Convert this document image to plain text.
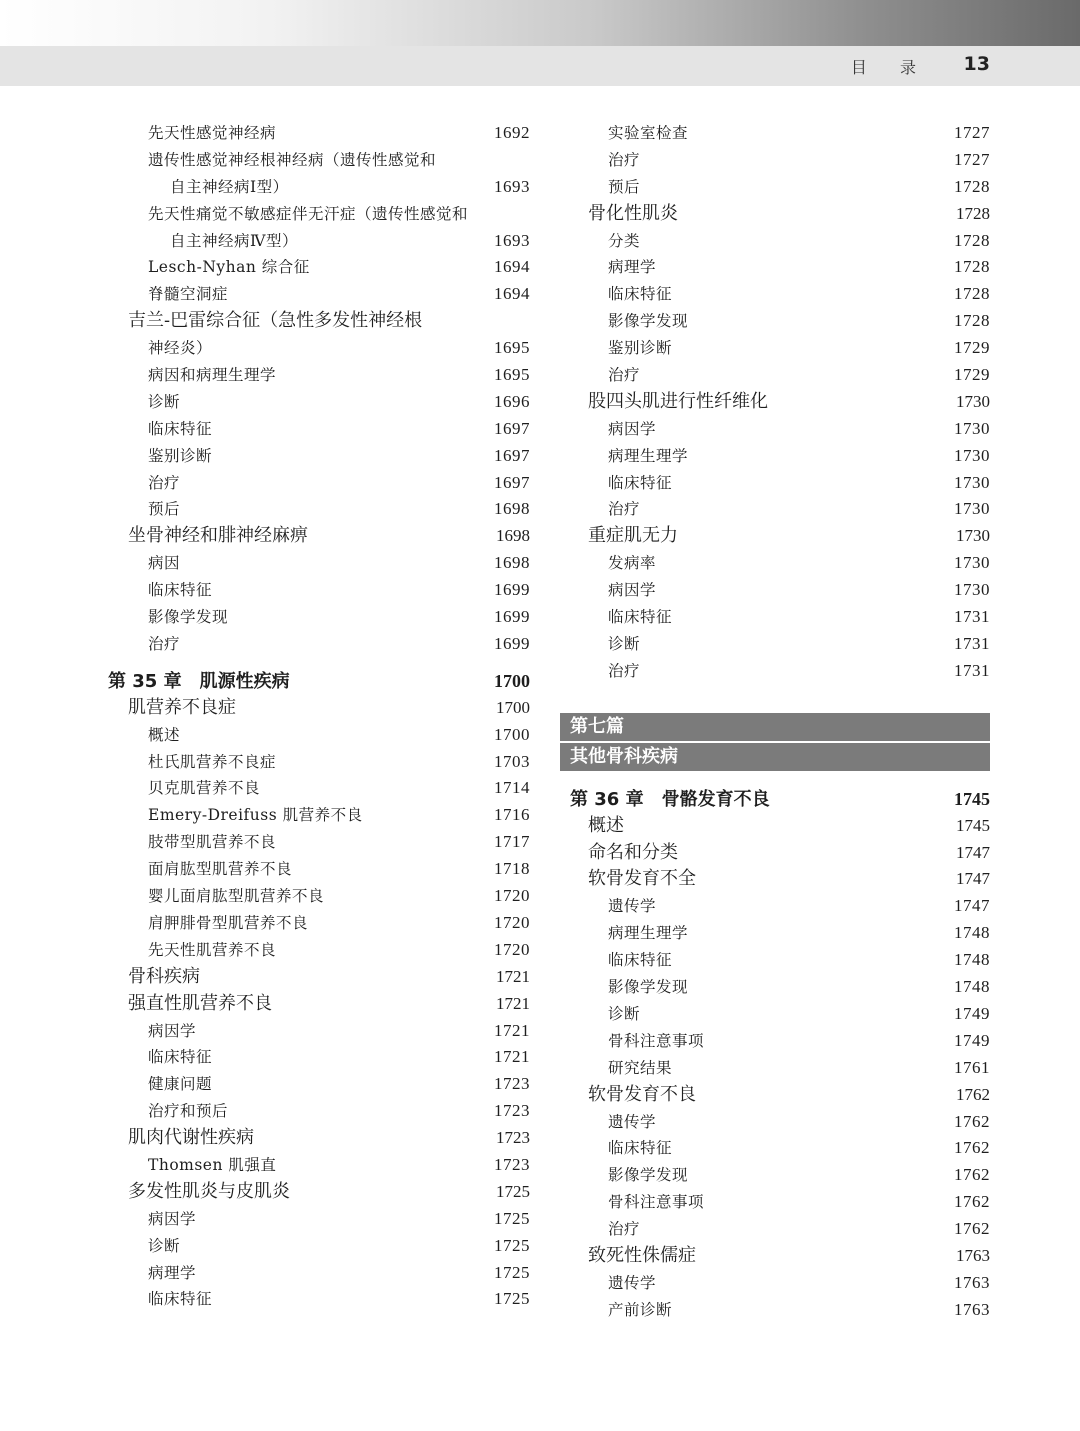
目 录 13
先天性感觉神经病	1692
遗传性感觉神经根神经病（遗传性感觉和
自主神经病Ⅰ型）	1693
先天性痛觉不敏感症伴无汗症（遗传性感觉和
自主神经病Ⅳ型）	1693
Lesch-Nyhan 综合征	1694
脊髓空洞症	1694
吉兰-巴雷综合征（急性多发性神经根
神经炎）	1695
病因和病理生理学	1695
诊断	1696
临床特征	1697
鉴别诊断	1697
治疗	1697
预后	1698
坐骨神经和腓神经麻痹	1698
病因	1698
临床特征	1699
影像学发现	1699
治疗	1699
第 35 章　肌源性疾病	1700
肌营养不良症	1700
概述	1700
杜氏肌营养不良症	1703
贝克肌营养不良	1714
Emery-Dreifuss 肌营养不良	1716
肢带型肌营养不良	1717
面肩肱型肌营养不良	1718
婴儿面肩肱型肌营养不良	1720
肩胛腓骨型肌营养不良	1720
先天性肌营养不良	1720
骨科疾病	1721
强直性肌营养不良	1721
病因学	1721
临床特征	1721
健康问题	1723
治疗和预后	1723
肌肉代谢性疾病	1723
Thomsen 肌强直	1723
多发性肌炎与皮肌炎	1725
病因学	1725
诊断	1725
病理学	1725
临床特征	1725
实验室检查	1727
治疗	1727
预后	1728
骨化性肌炎	1728
分类	1728
病理学	1728
临床特征	1728
影像学发现	1728
鉴别诊断	1729
治疗	1729
股四头肌进行性纤维化	1730
病因学	1730
病理生理学	1730
临床特征	1730
治疗	1730
重症肌无力	1730
发病率	1730
病因学	1730
临床特征	1731
诊断	1731
治疗	1731
第七篇
其他骨科疾病
第 36 章　骨骼发育不良	1745
概述	1745
命名和分类	1747
软骨发育不全	1747
遗传学	1747
病理生理学	1748
临床特征	1748
影像学发现	1748
诊断	1749
骨科注意事项	1749
研究结果	1761
软骨发育不良	1762
遗传学	1762
临床特征	1762
影像学发现	1762
骨科注意事项	1762
治疗	1762
致死性侏儒症	1763
遗传学	1763
产前诊断	1763
